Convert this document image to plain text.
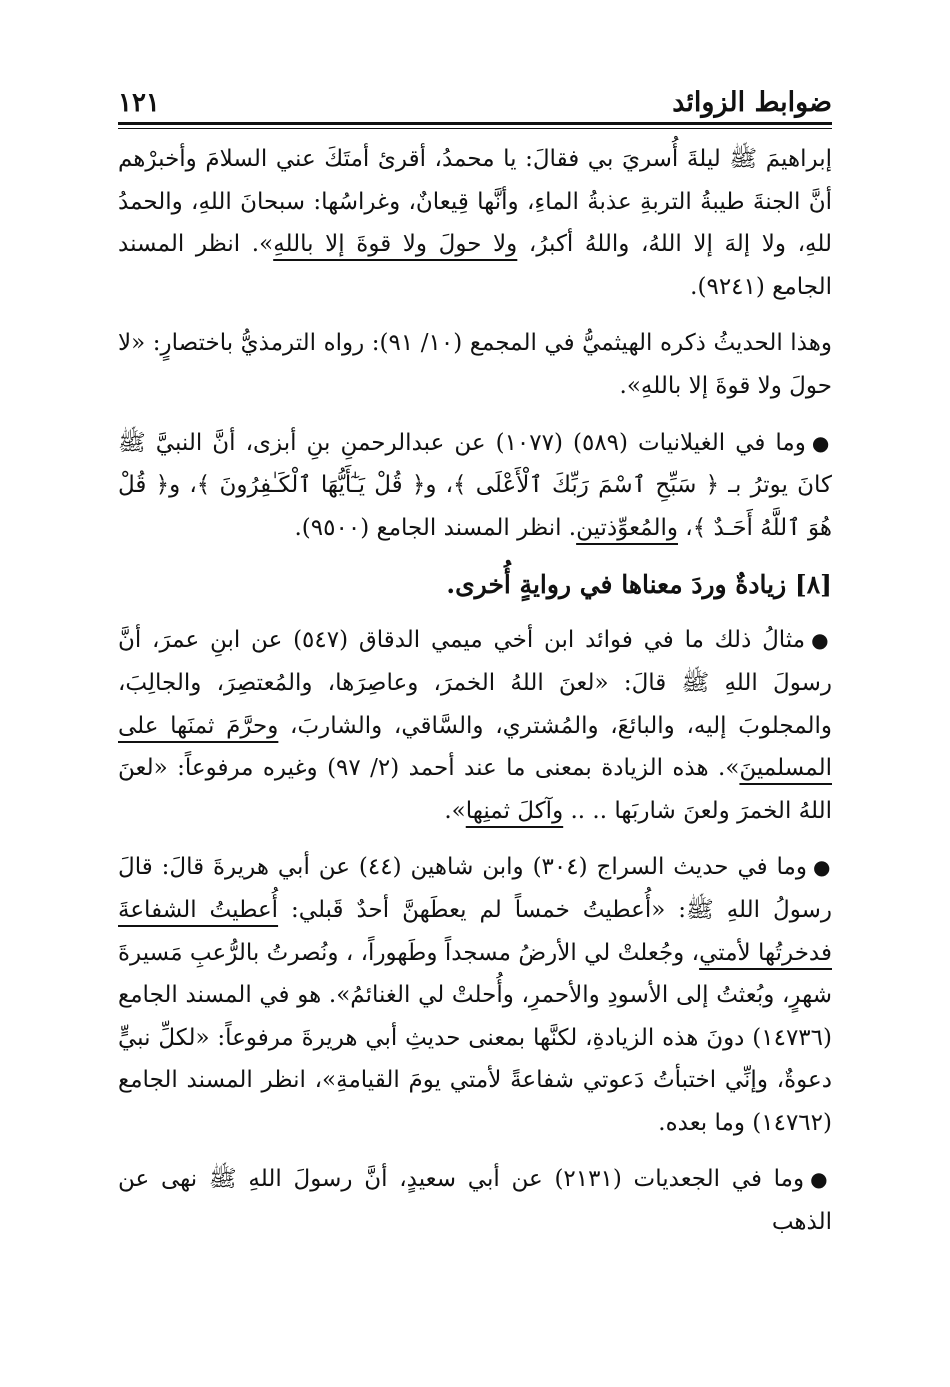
ضوابط الزوائد
١٢١

إبراهيمَ ﷺ ليلةَ أُسريَ بي فقالَ: يا محمدُ، أقرئ أمتَكَ عني السلامَ وأخبرْهم أنَّ الجنةَ طيبةُ التربةِ عذبةُ الماءِ، وأنَّها قِيعانٌ، وغراسُها: سبحانَ اللهِ، والحمدُ للهِ، ولا إلهَ إلا اللهُ، واللهُ أكبرُ، ولا حولَ ولا قوةَ إلا باللهِ». انظر المسند الجامع (٩٢٤١).

وهذا الحديثُ ذكره الهيثميُّ في المجمع (١٠/ ٩١): رواه الترمذيُّ باختصارٍ: «لا حولَ ولا قوةَ إلا باللهِ».

●وما في الغيلانيات (٥٨٩) (١٠٧٧) عن عبدالرحمنِ بنِ أبزى، أنَّ النبيَّ ﷺ كانَ يوترُ بـ ﴿ سَبِّحِ ٱسْمَ رَبِّكَ ٱلْأَعْلَى ﴾، و﴿ قُلْ يَـٰٓأَيُّهَا ٱلْكَـٰفِرُونَ ﴾، و﴿ قُلْ هُوَ ٱللَّهُ أَحَـدٌ ﴾، والمُعوِّذتين. انظر المسند الجامع (٩٥٠٠).

[٨] زيادةٌ وردَ معناها في روايةٍ أُخرى.

●مثالُ ذلك ما في فوائد ابن أخي ميمي الدقاق (٥٤٧) عن ابنِ عمرَ، أنَّ رسولَ اللهِ ﷺ قالَ: «لعنَ اللهُ الخمرَ، وعاصِرَها، والمُعتصِرَ، والجالِبَ، والمجلوبَ إليه، والبائعَ، والمُشتري، والسَّاقي، والشاربَ، وحرَّمَ ثمنَها على المسلمينَ». هذه الزيادة بمعنى ما عند أحمد (٢/ ٩٧) وغيره مرفوعاً: «لعنَ اللهُ الخمرَ ولعنَ شاربَها .. .. وآكلَ ثمنِها».

●وما في حديث السراج (٣٠٤) وابن شاهين (٤٤) عن أبي هريرةَ قالَ: قالَ رسولُ اللهِ ﷺ: «أُعطيتُ خمساً لم يعطَهنَّ أحدٌ قَبلي: أُعطيتُ الشفاعةَ فدخرتُها لأمتي، وجُعلتْ لي الأرضُ مسجداً وطَهوراً، ، ونُصرتُ بالرُّعبِ مَسيرةَ شهرٍ، وبُعثتُ إلى الأسودِ والأحمرِ، وأُحلتْ لي الغنائمُ». هو في المسند الجامع (١٤٧٣٦) دونَ هذه الزيادةِ، لكنَّها بمعنى حديثِ أبي هريرةَ مرفوعاً: «لكلِّ نبيٍّ دعوةٌ، وإنِّي اختبأتُ دَعوتي شفاعةً لأمتي يومَ القيامةِ»، انظر المسند الجامع (١٤٧٦٢) وما بعده.

●وما في الجعديات (٢١٣١) عن أبي سعيدٍ، أنَّ رسولَ اللهِ ﷺ نهى عن الذهب
